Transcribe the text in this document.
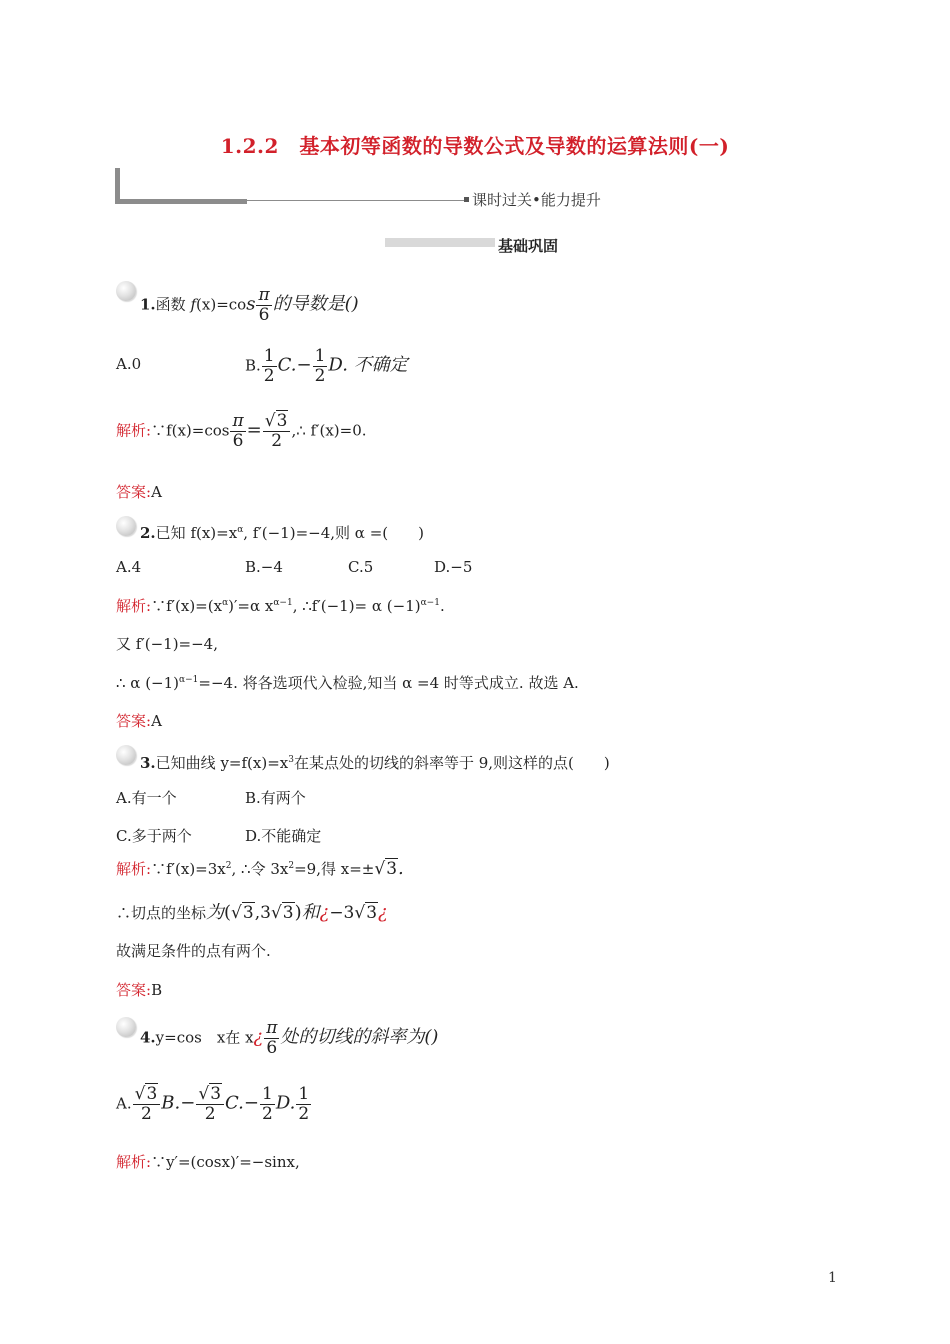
1.2.2　基本初等函数的导数公式及导数的运算法则(一)
课时过关•能力提升
基础巩固
1.函数 $f(x)=\cos \frac{\pi}{6}$ 的导数是()
A.0	B. $\frac{1}{2} C.- \frac{1}{2} D$. 不确定
解析:∵f(x)=cos $\frac{\pi}{6} = \frac{√3}{2}$ ,∴ f′(x)=0.
答案:A
2.已知 $f(x)=x^\alpha$, f′(−1)=−4,则 α =(　　)
A.4	B.−4	C.5	D.−5
解析$:\because f'(x)=(x^\alpha)'=\alpha$ $x^{\alpha-1}$, ∴f′(−1)= α $(-1)^{\alpha-1}$.
又 f′(−1)=−4,
∴ α $(-1)^{\alpha-1}=-4$. 将各选项代入检验,知当 α =4 时等式成立. 故选 A.
答案:A
3.已知曲线 $y=f(x)=x^3$在某点处的切线的斜率等于 9,则这样的点(　　)
A.有一个	B.有两个
C.多于两个	D.不能确定
解析$:\because f'(x)=3x^2$, ∴令 $3x^2=9$,得 x=±√3.
∴切点的坐标为(√3,3√3)和¿−3√3¿
故满足条件的点有两个.
答案:B
4.y=cos　x在 x¿ $\frac{\pi}{6}$ 处的切线的斜率为()
A. $\frac{√3}{2} B.- \frac{√3}{2} C.- \frac{1}{2} D$. $\frac{1}{2}$
解析:∵y′=(cosx)′=−sinx,
1
